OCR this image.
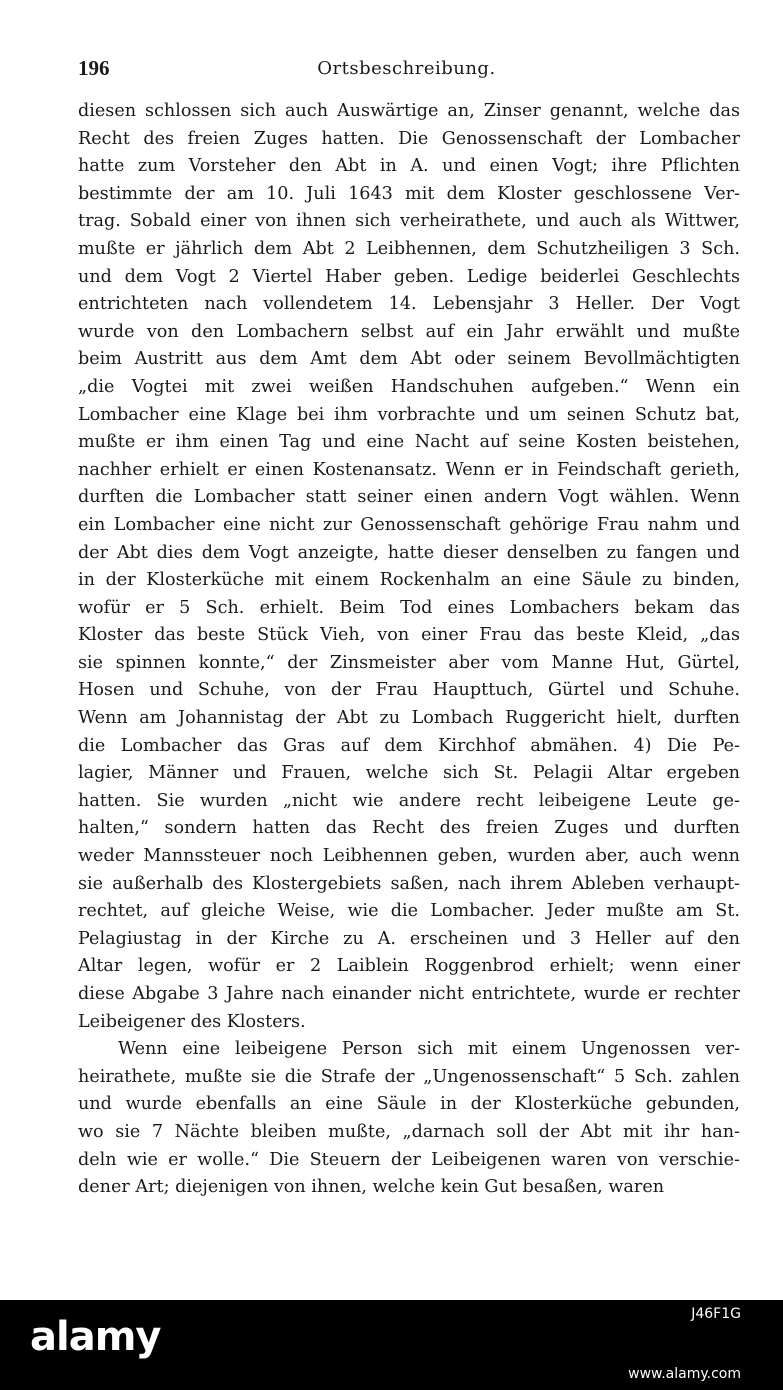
196	Ortsbeschreibung.
diesen schlossen sich auch Auswärtige an, Zinser genannt, welche das
Recht des freien Zuges hatten. Die Genossenschaft der Lombacher
hatte zum Vorsteher den Abt in A. und einen Vogt; ihre Pflichten
bestimmte der am 10. Juli 1643 mit dem Kloster geschlossene Ver-
trag. Sobald einer von ihnen sich verheirathete, und auch als Wittwer,
mußte er jährlich dem Abt 2 Leibhennen, dem Schutzheiligen 3 Sch.
und dem Vogt 2 Viertel Haber geben. Ledige beiderlei Geschlechts
entrichteten nach vollendetem 14. Lebensjahr 3 Heller. Der Vogt
wurde von den Lombachern selbst auf ein Jahr erwählt und mußte
beim Austritt aus dem Amt dem Abt oder seinem Bevollmächtigten
„die Vogtei mit zwei weißen Handschuhen aufgeben.“ Wenn ein
Lombacher eine Klage bei ihm vorbrachte und um seinen Schutz bat,
mußte er ihm einen Tag und eine Nacht auf seine Kosten beistehen,
nachher erhielt er einen Kostenansatz. Wenn er in Feindschaft gerieth,
durften die Lombacher statt seiner einen andern Vogt wählen. Wenn
ein Lombacher eine nicht zur Genossenschaft gehörige Frau nahm und
der Abt dies dem Vogt anzeigte, hatte dieser denselben zu fangen und
in der Klosterküche mit einem Rockenhalm an eine Säule zu binden,
wofür er 5 Sch. erhielt. Beim Tod eines Lombachers bekam das
Kloster das beste Stück Vieh, von einer Frau das beste Kleid, „das
sie spinnen konnte,“ der Zinsmeister aber vom Manne Hut, Gürtel,
Hosen und Schuhe, von der Frau Haupttuch, Gürtel und Schuhe.
Wenn am Johannistag der Abt zu Lombach Ruggericht hielt, durften
die Lombacher das Gras auf dem Kirchhof abmähen. 4) Die Pe-
lagier, Männer und Frauen, welche sich St. Pelagii Altar ergeben
hatten. Sie wurden „nicht wie andere recht leibeigene Leute ge-
halten,“ sondern hatten das Recht des freien Zuges und durften
weder Mannssteuer noch Leibhennen geben, wurden aber, auch wenn
sie außerhalb des Klostergebiets saßen, nach ihrem Ableben verhaupt-
rechtet, auf gleiche Weise, wie die Lombacher. Jeder mußte am St.
Pelagiustag in der Kirche zu A. erscheinen und 3 Heller auf den
Altar legen, wofür er 2 Laiblein Roggenbrod erhielt; wenn einer
diese Abgabe 3 Jahre nach einander nicht entrichtete, wurde er rechter
Leibeigener des Klosters.
Wenn eine leibeigene Person sich mit einem Ungenossen ver-
heirathete, mußte sie die Strafe der „Ungenossenschaft“ 5 Sch. zahlen
und wurde ebenfalls an eine Säule in der Klosterküche gebunden,
wo sie 7 Nächte bleiben mußte, „darnach soll der Abt mit ihr han-
deln wie er wolle.“ Die Steuern der Leibeigenen waren von verschie-
dener Art; diejenigen von ihnen, welche kein Gut besaßen, waren
alamy	J46F1G
www.alamy.com
